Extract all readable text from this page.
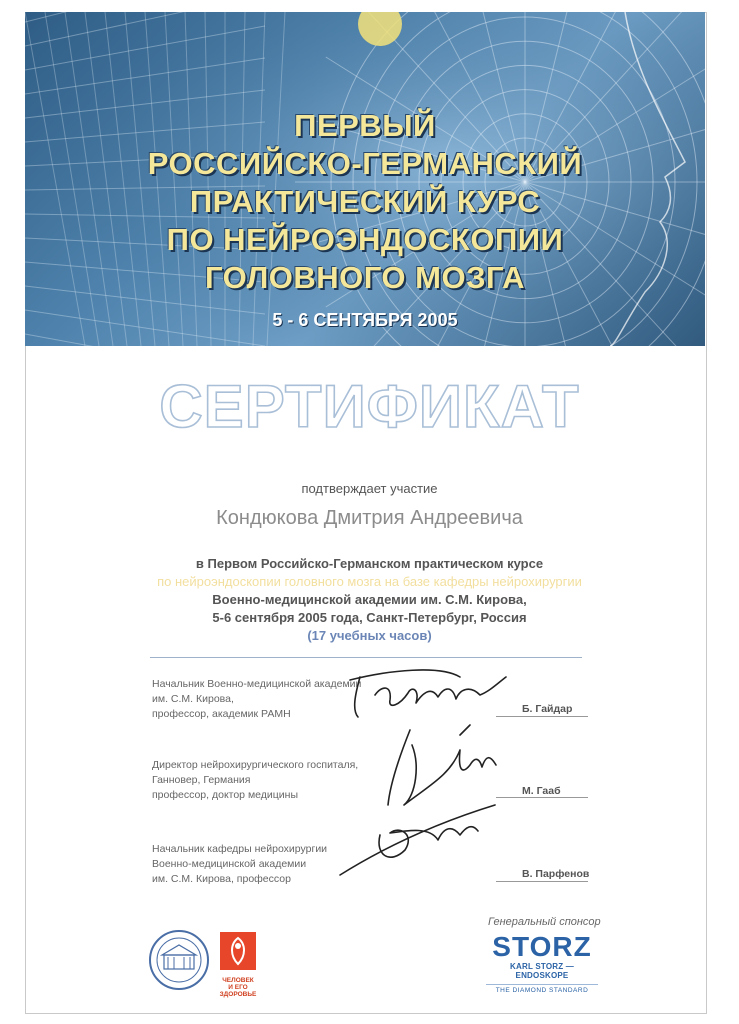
ПЕРВЫЙ
РОССИЙСКО-ГЕРМАНСКИЙ
ПРАКТИЧЕСКИЙ КУРС
ПО НЕЙРОЭНДОСКОПИИ
ГОЛОВНОГО МОЗГА
5 - 6 СЕНТЯБРЯ 2005
СЕРТИФИКАТ
подтверждает участие
Кондюкова Дмитрия Андреевича
в Первом Российско-Германском практическом курсе
по нейроэндоскопии головного мозга на базе кафедры нейрохирургии
Военно-медицинской академии им. С.М. Кирова,
5-6 сентября 2005 года, Санкт-Петербург, Россия
(17 учебных часов)
Начальник Военно-медицинской академии
им. С.М. Кирова,
профессор, академик РАМН	Б. Гайдар
Директор нейрохирургического госпиталя,
Ганновер, Германия
профессор, доктор медицины	М. Гааб
Начальник кафедры нейрохирургии
Военно-медицинской академии
им. С.М. Кирова, профессор	В. Парфенов
ЧЕЛОВЕК
И ЕГО
ЗДОРОВЬЕ
Генеральный спонсор
STORZ
KARL STORZ — ENDOSKOPE
THE DIAMOND STANDARD
